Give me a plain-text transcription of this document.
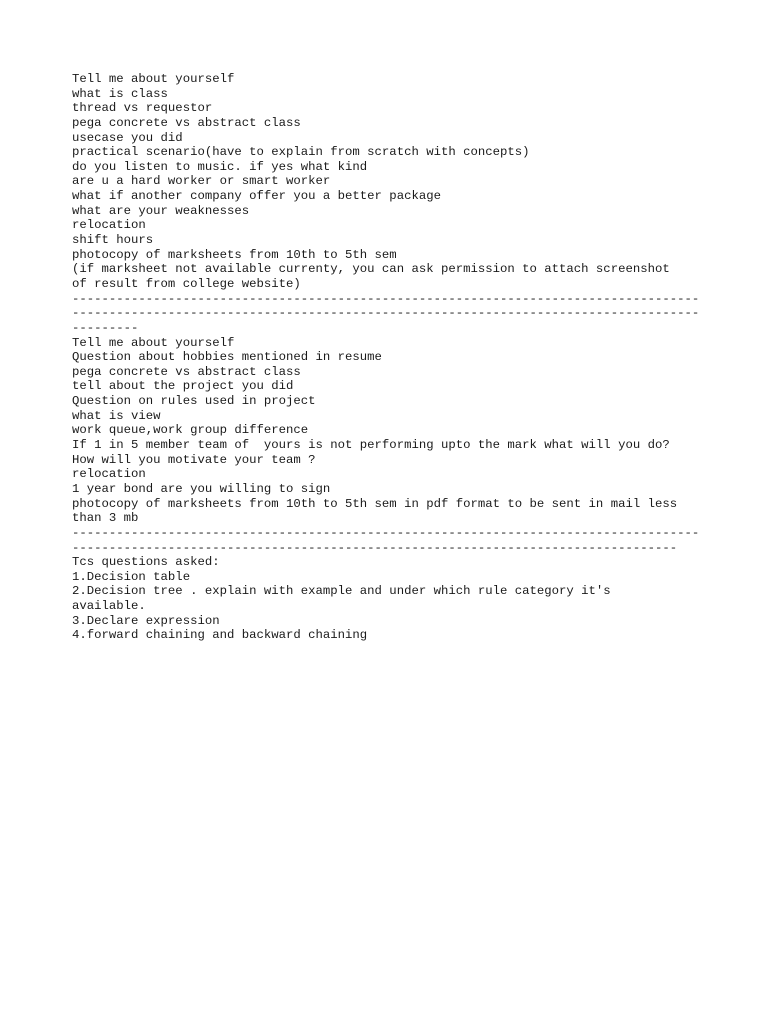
Tell me about yourself
what is class
thread vs requestor
pega concrete vs abstract class
usecase you did
practical scenario(have to explain from scratch with concepts)
do you listen to music. if yes what kind
are u a hard worker or smart worker
what if another company offer you a better package
what are your weaknesses
relocation
shift hours
photocopy of marksheets from 10th to 5th sem
(if marksheet not available currenty, you can ask permission to attach screenshot
of result from college website)
-------------------------------------------------------------------------------------
-------------------------------------------------------------------------------------
---------
Tell me about yourself
Question about hobbies mentioned in resume
pega concrete vs abstract class
tell about the project you did
Question on rules used in project
what is view
work queue,work group difference
If 1 in 5 member team of  yours is not performing upto the mark what will you do?
How will you motivate your team ?
relocation
1 year bond are you willing to sign
photocopy of marksheets from 10th to 5th sem in pdf format to be sent in mail less
than 3 mb
-------------------------------------------------------------------------------------
----------------------------------------------------------------------------------
Tcs questions asked:
1.Decision table
2.Decision tree . explain with example and under which rule category it's
available.
3.Declare expression
4.forward chaining and backward chaining
